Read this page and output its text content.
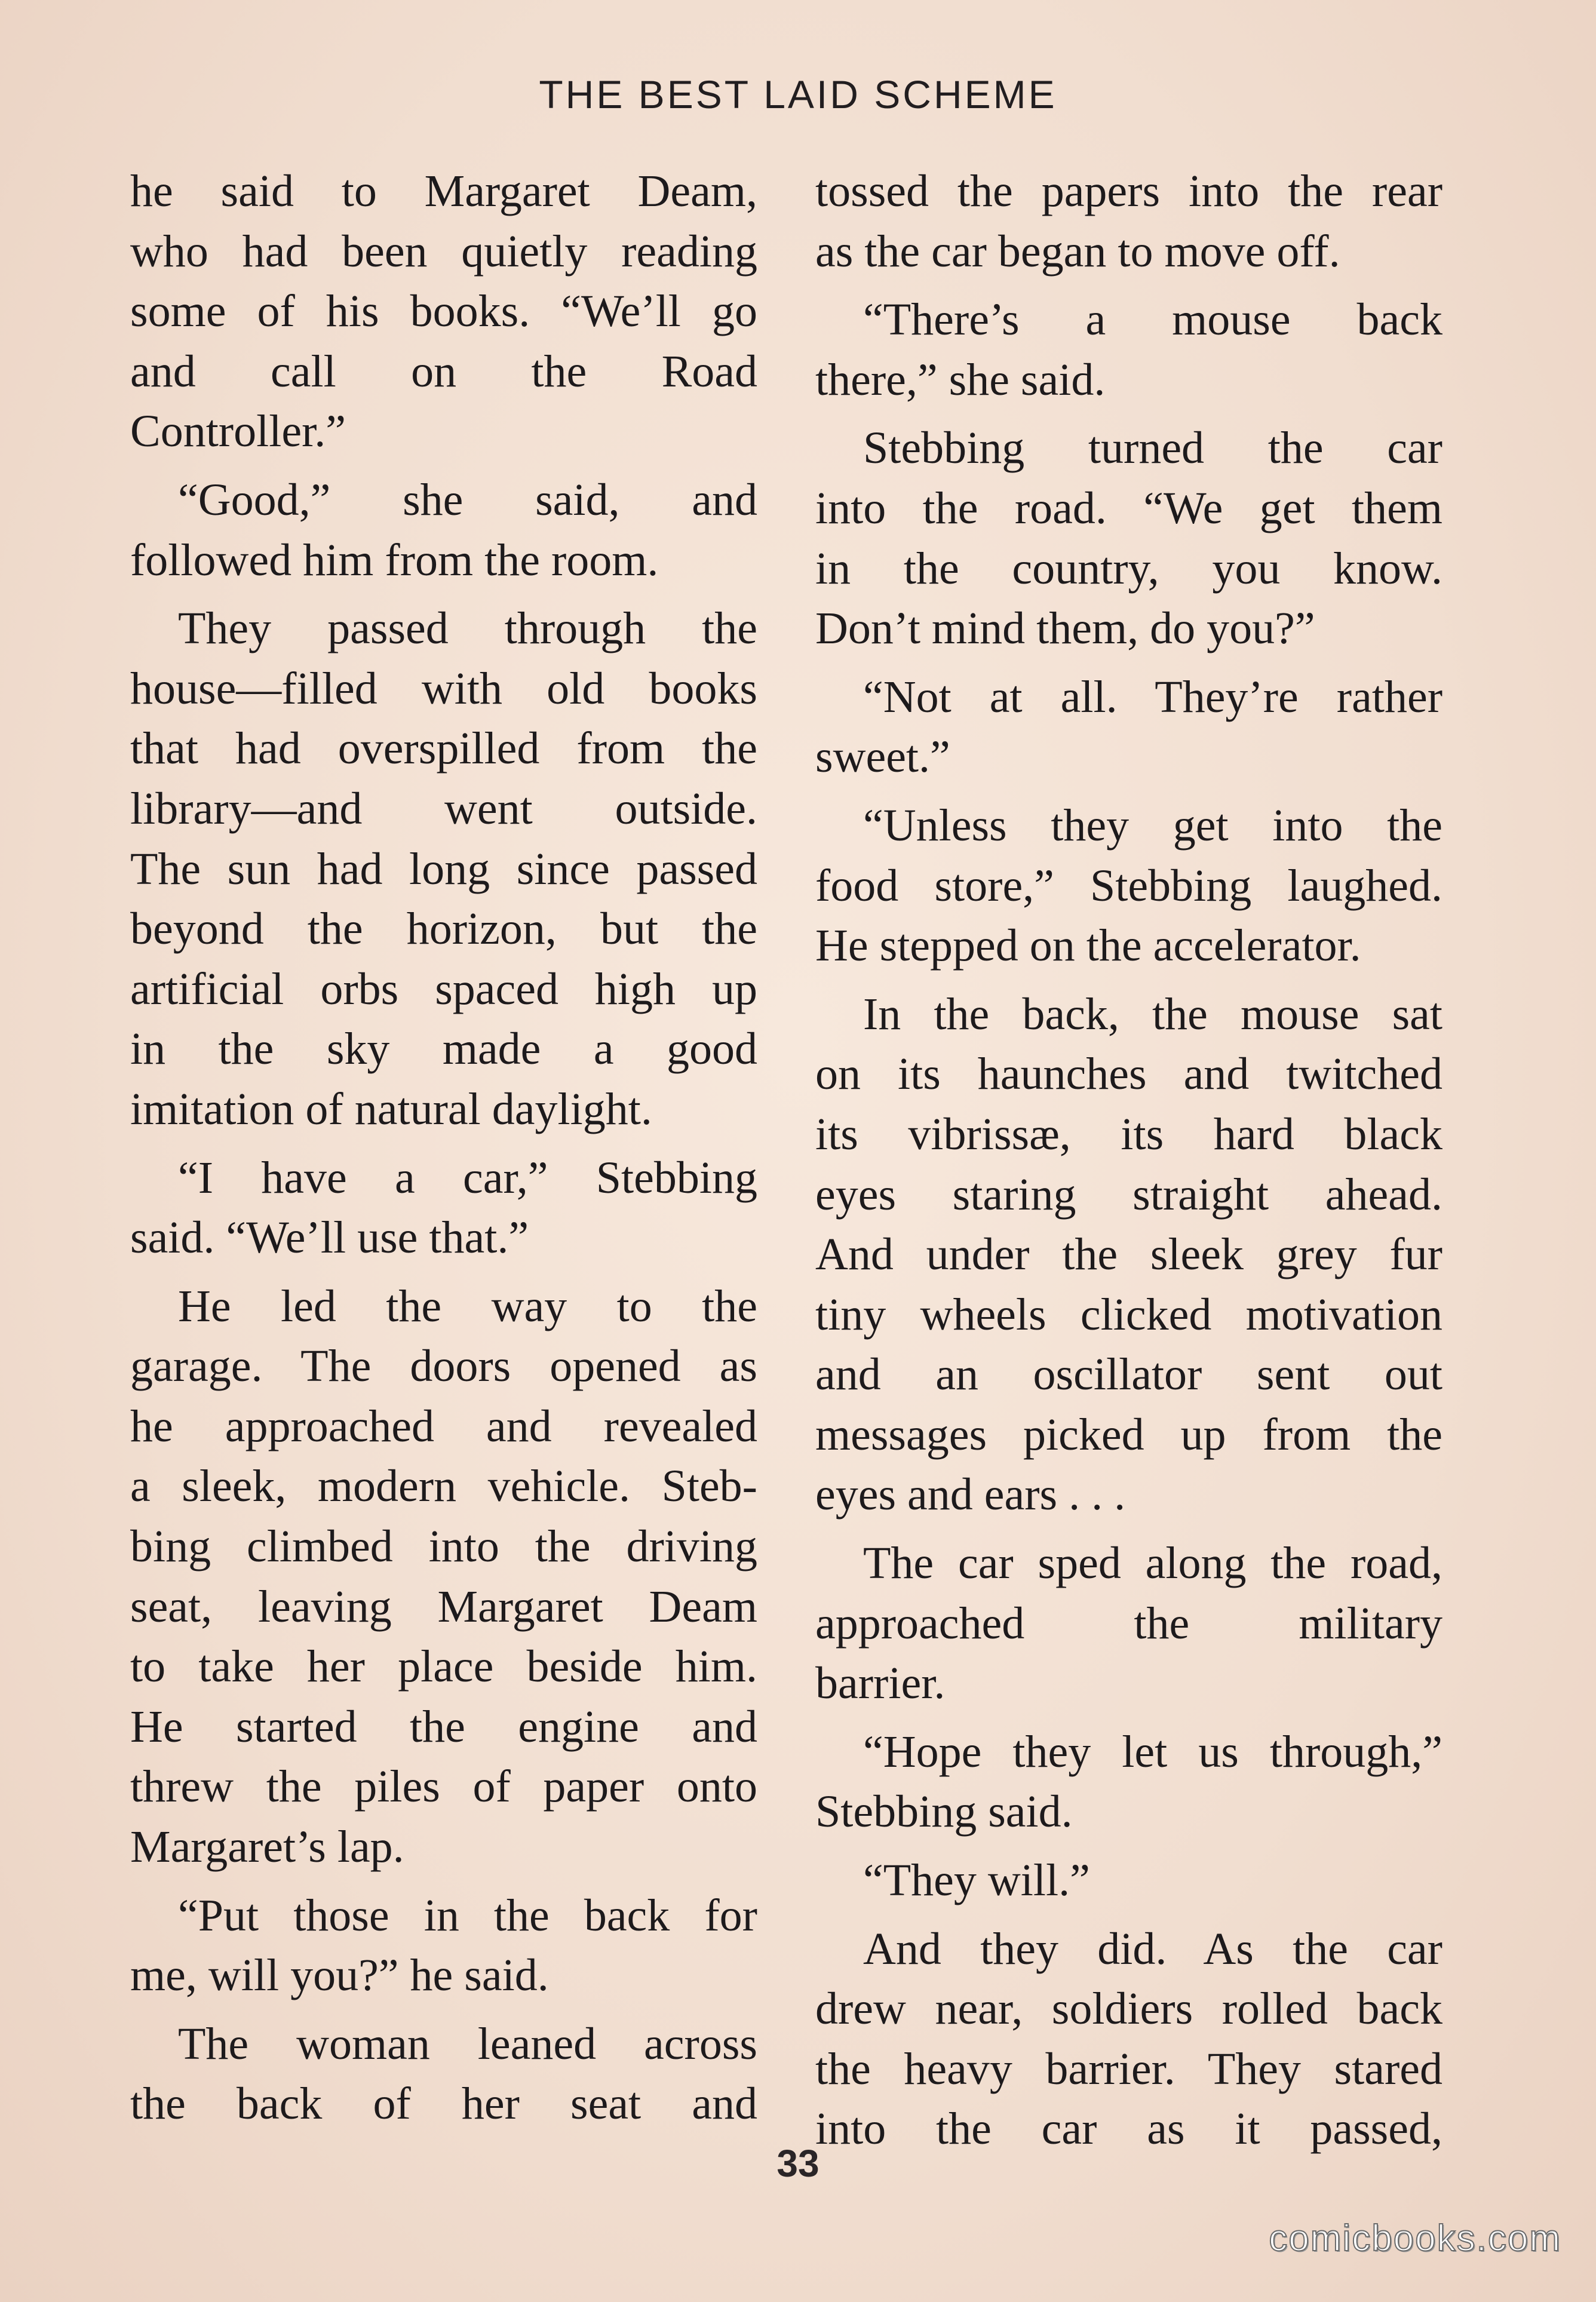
THE BEST LAID SCHEME
he said to Margaret Deam,
who had been quietly reading
some of his books. “We’ll go
and call on the Road
Controller.”
“Good,” she said, and
followed him from the room.
They passed through the
house—filled with old books
that had overspilled from the
library—and went outside.
The sun had long since passed
beyond the horizon, but the
artificial orbs spaced high up
in the sky made a good
imitation of natural daylight.
“I have a car,” Stebbing
said. “We’ll use that.”
He led the way to the
garage. The doors opened as
he approached and revealed
a sleek, modern vehicle. Steb-
bing climbed into the driving
seat, leaving Margaret Deam
to take her place beside him.
He started the engine and
threw the piles of paper onto
Margaret’s lap.
“Put those in the back for
me, will you?” he said.
The woman leaned across
the back of her seat and
tossed the papers into the rear
as the car began to move off.
“There’s a mouse back
there,” she said.
Stebbing turned the car
into the road. “We get them
in the country, you know.
Don’t mind them, do you?”
“Not at all. They’re rather
sweet.”
“Unless they get into the
food store,” Stebbing laughed.
He stepped on the accelerator.
In the back, the mouse sat
on its haunches and twitched
its vibrissæ, its hard black
eyes staring straight ahead.
And under the sleek grey fur
tiny wheels clicked motivation
and an oscillator sent out
messages picked up from the
eyes and ears . . .
The car sped along the road,
approached the military
barrier.
“Hope they let us through,”
Stebbing said.
“They will.”
And they did. As the car
drew near, soldiers rolled back
the heavy barrier. They stared
into the car as it passed,
33
comicbooks.com
